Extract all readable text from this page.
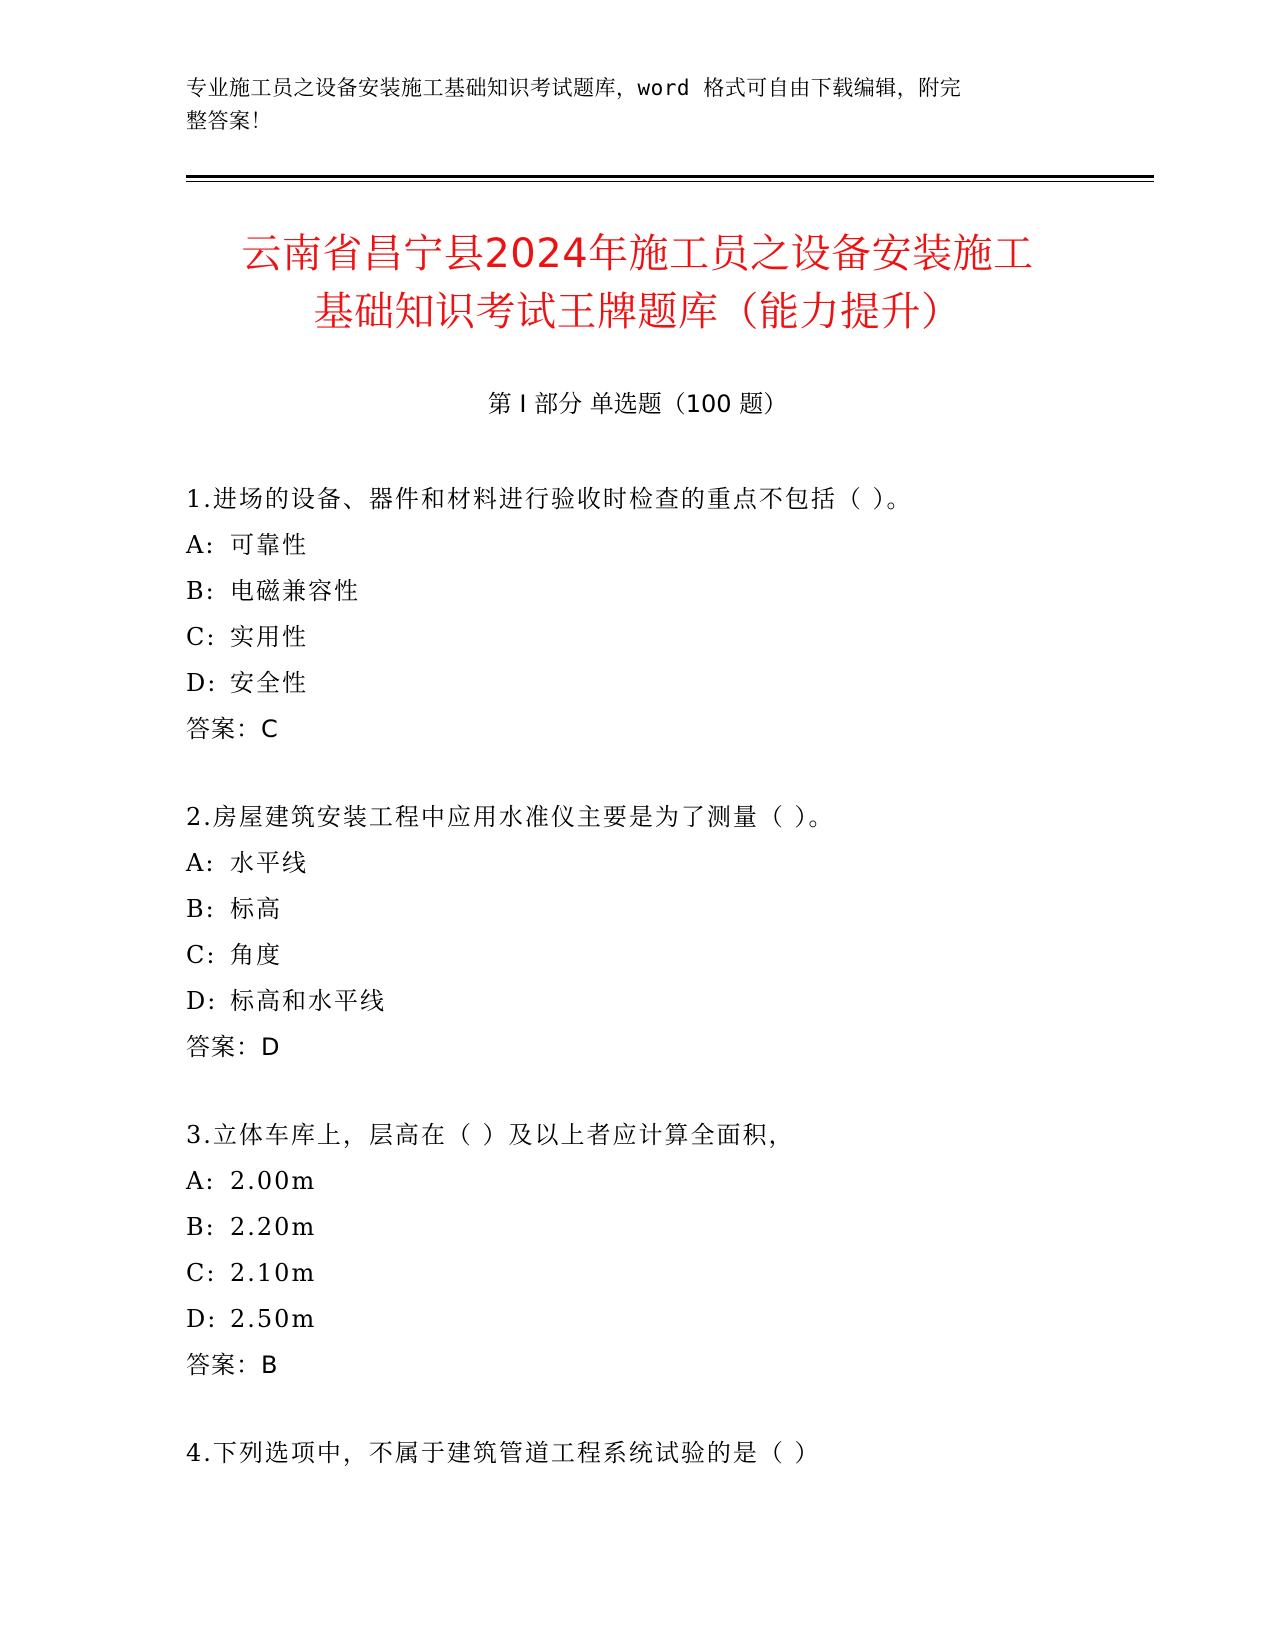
专业施工员之设备安装施工基础知识考试题库，word 格式可自由下载编辑，附完
整答案！
云南省昌宁县2024年施工员之设备安装施工
基础知识考试王牌题库（能力提升）
第 I 部分 单选题（100 题）
1.进场的设备、器件和材料进行验收时检查的重点不包括（ ）。
A: 可靠性
B: 电磁兼容性
C: 实用性
D: 安全性
答案：C
2.房屋建筑安装工程中应用水准仪主要是为了测量（ ）。
A: 水平线
B: 标高
C: 角度
D: 标高和水平线
答案：D
3.立体车库上，层高在（ ）及以上者应计算全面积，
A: 2.00m
B: 2.20m
C: 2.10m
D: 2.50m
答案：B
4.下列选项中，不属于建筑管道工程系统试验的是（ ）
